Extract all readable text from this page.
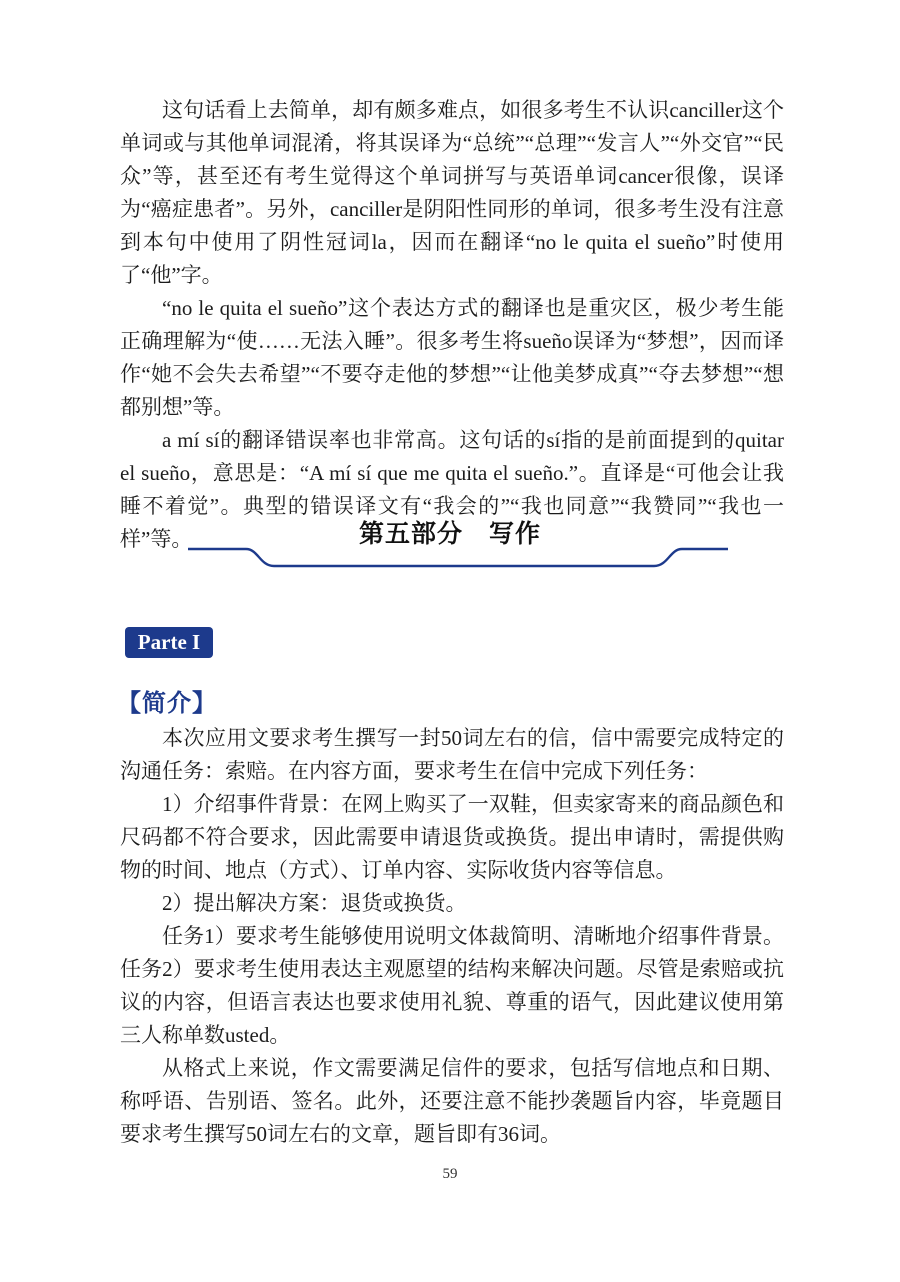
这句话看上去简单，却有颇多难点，如很多考生不认识canciller这个单词或与其他单词混淆，将其误译为“总统”“总理”“发言人”“外交官”“民众”等，甚至还有考生觉得这个单词拼写与英语单词cancer很像，误译为“癌症患者”。另外，canciller是阴阳性同形的单词，很多考生没有注意到本句中使用了阴性冠词la，因而在翻译“no le quita el sueño”时使用了“他”字。

“no le quita el sueño”这个表达方式的翻译也是重灾区，极少考生能正确理解为“使……无法入睡”。很多考生将sueño误译为“梦想”，因而译作“她不会失去希望”“不要夺走他的梦想”“让他美梦成真”“夺去梦想”“想都别想”等。

a mí sí的翻译错误率也非常高。这句话的sí指的是前面提到的quitar el sueño，意思是：“A mí sí que me quita el sueño.”。直译是“可他会让我睡不着觉”。典型的错误译文有“我会的”“我也同意”“我赞同”“我也一样”等。	第五部分　写作
Parte I
【简介】

本次应用文要求考生撰写一封50词左右的信，信中需要完成特定的沟通任务：索赔。在内容方面，要求考生在信中完成下列任务：

1）介绍事件背景：在网上购买了一双鞋，但卖家寄来的商品颜色和尺码都不符合要求，因此需要申请退货或换货。提出申请时，需提供购物的时间、地点（方式）、订单内容、实际收货内容等信息。

2）提出解决方案：退货或换货。

任务1）要求考生能够使用说明文体裁简明、清晰地介绍事件背景。任务2）要求考生使用表达主观愿望的结构来解决问题。尽管是索赔或抗议的内容，但语言表达也要求使用礼貌、尊重的语气，因此建议使用第三人称单数usted。

从格式上来说，作文需要满足信件的要求，包括写信地点和日期、称呼语、告别语、签名。此外，还要注意不能抄袭题旨内容，毕竟题目要求考生撰写50词左右的文章，题旨即有36词。

59
